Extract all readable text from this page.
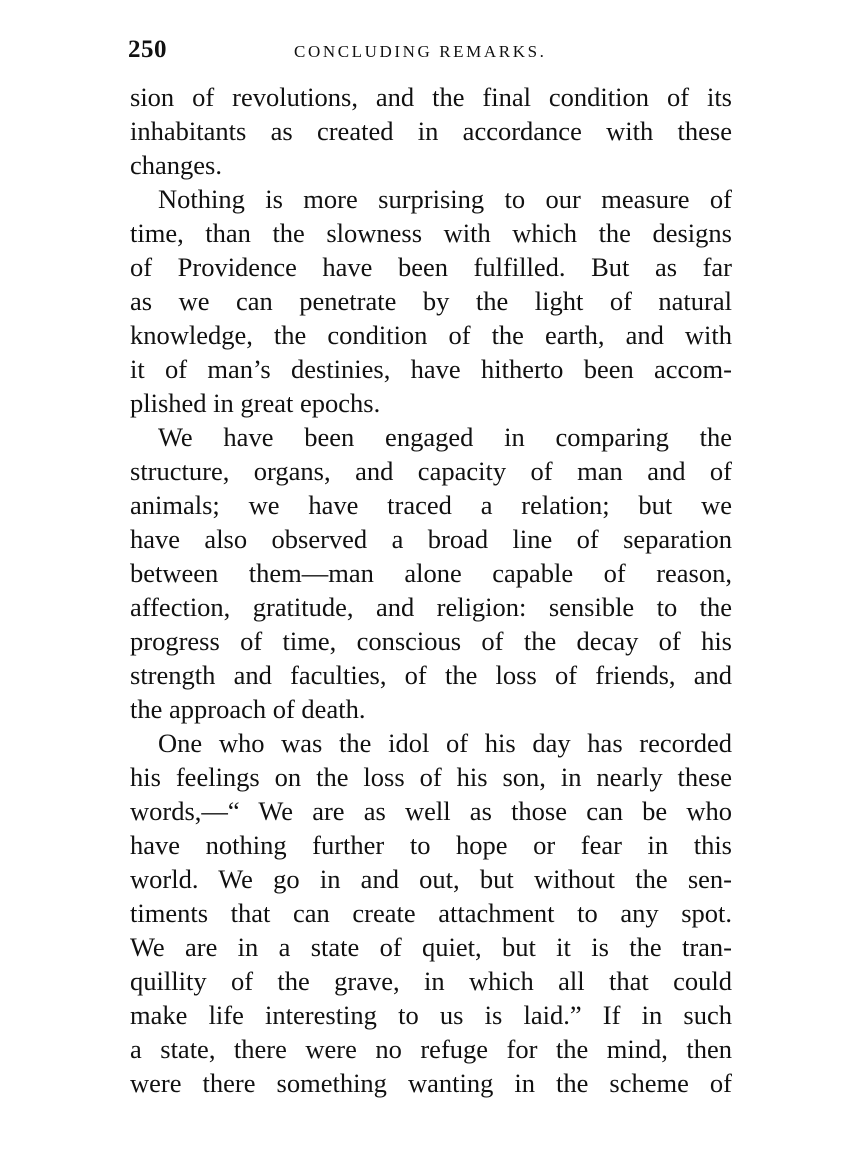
250	CONCLUDING REMARKS.
sion of revolutions, and the final condition of its
inhabitants as created in accordance with these
changes.
Nothing is more surprising to our measure of
time, than the slowness with which the designs
of Providence have been fulfilled. But as far
as we can penetrate by the light of natural
knowledge, the condition of the earth, and with
it of man’s destinies, have hitherto been accom-
plished in great epochs.
We have been engaged in comparing the
structure, organs, and capacity of man and of
animals; we have traced a relation; but we
have also observed a broad line of separation
between them—man alone capable of reason,
affection, gratitude, and religion: sensible to the
progress of time, conscious of the decay of his
strength and faculties, of the loss of friends, and
the approach of death.
One who was the idol of his day has recorded
his feelings on the loss of his son, in nearly these
words,—“ We are as well as those can be who
have nothing further to hope or fear in this
world. We go in and out, but without the sen-
timents that can create attachment to any spot.
We are in a state of quiet, but it is the tran-
quillity of the grave, in which all that could
make life interesting to us is laid.” If in such
a state, there were no refuge for the mind, then
were there something wanting in the scheme of
